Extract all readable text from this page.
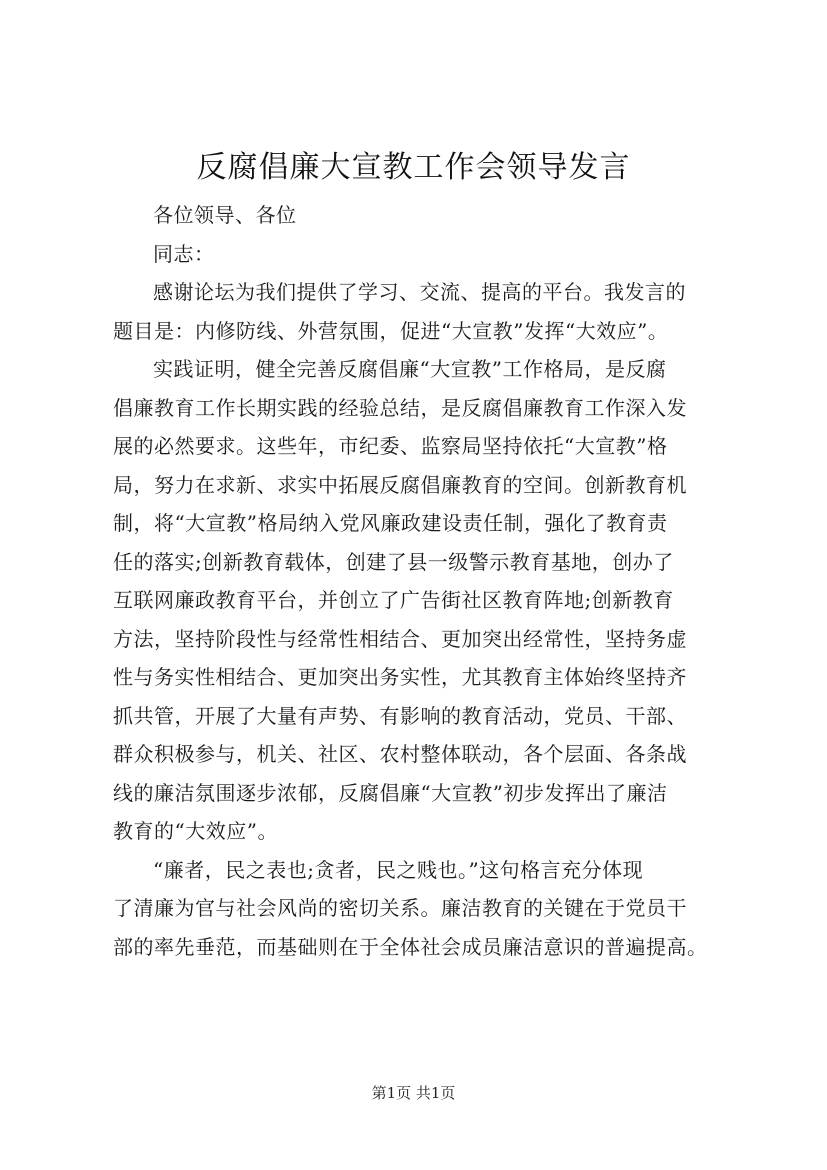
反腐倡廉大宣教工作会领导发言
各位领导、各位
同志：
感谢论坛为我们提供了学习、交流、提高的平台。我发言的
题目是：内修防线、外营氛围，促进“大宣教”发挥“大效应”。
实践证明，健全完善反腐倡廉“大宣教”工作格局，是反腐
倡廉教育工作长期实践的经验总结，是反腐倡廉教育工作深入发
展的必然要求。这些年，市纪委、监察局坚持依托“大宣教”格
局，努力在求新、求实中拓展反腐倡廉教育的空间。创新教育机
制，将“大宣教”格局纳入党风廉政建设责任制，强化了教育责
任的落实;创新教育载体，创建了县一级警示教育基地，创办了
互联网廉政教育平台，并创立了广告街社区教育阵地;创新教育
方法，坚持阶段性与经常性相结合、更加突出经常性，坚持务虚
性与务实性相结合、更加突出务实性，尤其教育主体始终坚持齐
抓共管，开展了大量有声势、有影响的教育活动，党员、干部、
群众积极参与，机关、社区、农村整体联动，各个层面、各条战
线的廉洁氛围逐步浓郁，反腐倡廉“大宣教”初步发挥出了廉洁
教育的“大效应”。
“廉者，民之表也;贪者，民之贱也。”这句格言充分体现
了清廉为官与社会风尚的密切关系。廉洁教育的关键在于党员干
部的率先垂范，而基础则在于全体社会成员廉洁意识的普遍提高。
第1页 共1页
